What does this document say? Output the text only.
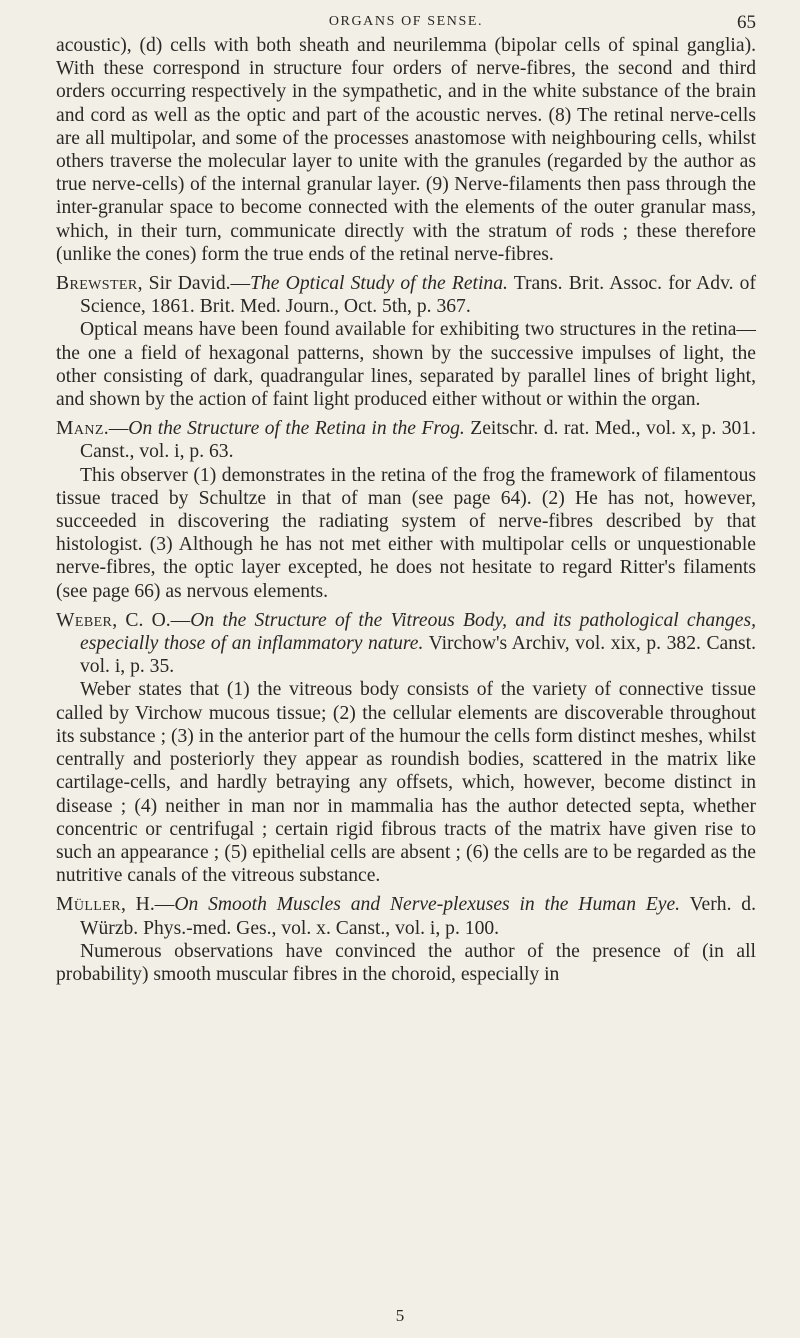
ORGANS OF SENSE.	65

acoustic), (d) cells with both sheath and neurilemma (bipolar cells of spinal ganglia). With these correspond in structure four orders of nerve-fibres, the second and third orders occurring respectively in the sympathetic, and in the white substance of the brain and cord as well as the optic and part of the acoustic nerves. (8) The retinal nerve-cells are all multipolar, and some of the processes anastomose with neighbouring cells, whilst others traverse the molecular layer to unite with the granules (regarded by the author as true nerve-cells) of the internal granular layer. (9) Nerve-filaments then pass through the inter-granular space to become connected with the elements of the outer granular mass, which, in their turn, communicate directly with the stratum of rods ; these therefore (unlike the cones) form the true ends of the retinal nerve-fibres.

Brewster, Sir David.—The Optical Study of the Retina. Trans. Brit. Assoc. for Adv. of Science, 1861. Brit. Med. Journ., Oct. 5th, p. 367.

Optical means have been found available for exhibiting two structures in the retina—the one a field of hexagonal patterns, shown by the successive impulses of light, the other consisting of dark, quadrangular lines, separated by parallel lines of bright light, and shown by the action of faint light produced either without or within the organ.

Manz.—On the Structure of the Retina in the Frog. Zeitschr. d. rat. Med., vol. x, p. 301. Canst., vol. i, p. 63.

This observer (1) demonstrates in the retina of the frog the framework of filamentous tissue traced by Schultze in that of man (see page 64). (2) He has not, however, succeeded in discovering the radiating system of nerve-fibres described by that histologist. (3) Although he has not met either with multipolar cells or unquestionable nerve-fibres, the optic layer excepted, he does not hesitate to regard Ritter's filaments (see page 66) as nervous elements.

Weber, C. O.—On the Structure of the Vitreous Body, and its pathological changes, especially those of an inflammatory nature. Virchow's Archiv, vol. xix, p. 382. Canst. vol. i, p. 35.

Weber states that (1) the vitreous body consists of the variety of connective tissue called by Virchow mucous tissue; (2) the cellular elements are discoverable throughout its substance ; (3) in the anterior part of the humour the cells form distinct meshes, whilst centrally and posteriorly they appear as roundish bodies, scattered in the matrix like cartilage-cells, and hardly betraying any offsets, which, however, become distinct in disease ; (4) neither in man nor in mammalia has the author detected septa, whether concentric or centrifugal ; certain rigid fibrous tracts of the matrix have given rise to such an appearance ; (5) epithelial cells are absent ; (6) the cells are to be regarded as the nutritive canals of the vitreous substance.

Müller, H.—On Smooth Muscles and Nerve-plexuses in the Human Eye. Verh. d. Würzb. Phys.-med. Ges., vol. x. Canst., vol. i, p. 100.

Numerous observations have convinced the author of the presence of (in all probability) smooth muscular fibres in the choroid, especially in

5
